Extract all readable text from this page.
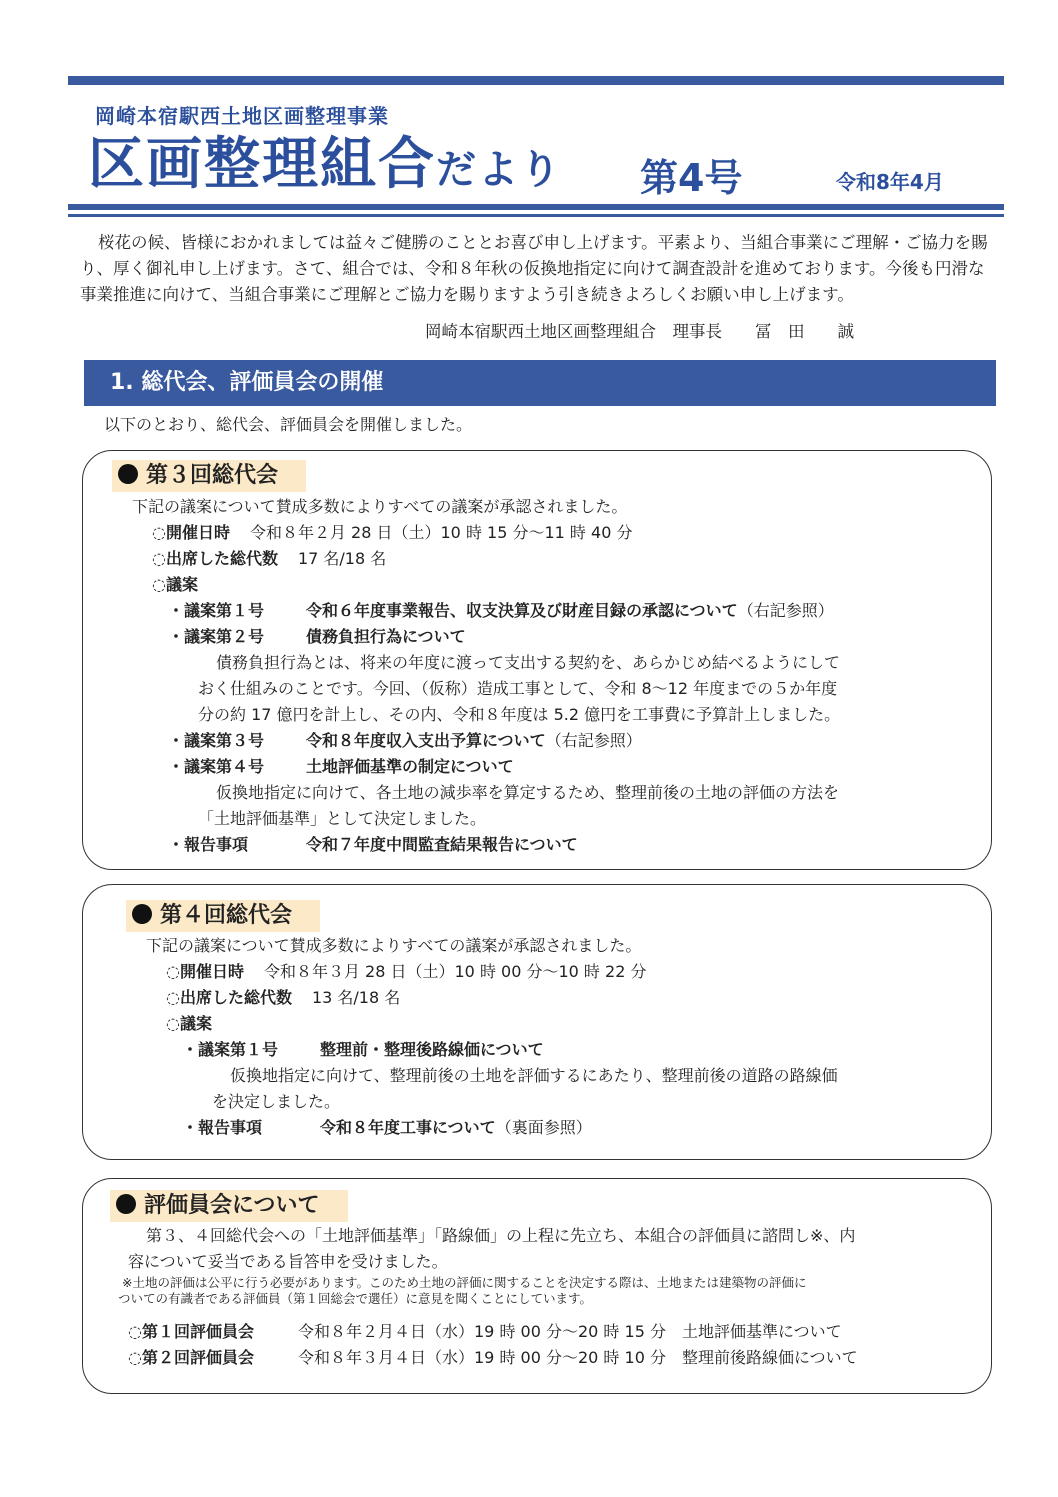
岡崎本宿駅西土地区画整理事業
区画整理組合だより 第4号	令和8年4月
桜花の候、皆様におかれましては益々ご健勝のこととお喜び申し上げます。平素より、当組合事業にご理解・ご協力を賜り、厚く御礼申し上げます。さて、組合では、令和８年秋の仮換地指定に向けて調査設計を進めております。今後も円滑な事業推進に向けて、当組合事業にご理解とご協力を賜りますよう引き続きよろしくお願い申し上げます。
岡崎本宿駅西土地区画整理組合　理事長　　冨　田　　誠
1. 総代会、評価員会の開催
以下のとおり、総代会、評価員会を開催しました。
第３回総代会
下記の議案について賛成多数によりすべての議案が承認されました。
◌開催日時 令和８年２月 28 日（土）10 時 15 分～11 時 40 分
◌出席した総代数 17 名/18 名
◌議案
・議案第１号	令和６年度事業報告、収支決算及び財産目録の承認について（右記参照）
・議案第２号	債務負担行為について
債務負担行為とは、将来の年度に渡って支出する契約を、あらかじめ結べるようにして
おく仕組みのことです。今回、（仮称）造成工事として、令和 8～12 年度までの５か年度
分の約 17 億円を計上し、その内、令和８年度は 5.2 億円を工事費に予算計上しました。
・議案第３号	令和８年度収入支出予算について（右記参照）
・議案第４号	土地評価基準の制定について
仮換地指定に向けて、各土地の減歩率を算定するため、整理前後の土地の評価の方法を
「土地評価基準」として決定しました。
・報告事項	令和７年度中間監査結果報告について
第４回総代会
下記の議案について賛成多数によりすべての議案が承認されました。
◌開催日時 令和８年３月 28 日（土）10 時 00 分～10 時 22 分
◌出席した総代数 13 名/18 名
◌議案
・議案第１号	整理前・整理後路線価について
仮換地指定に向けて、整理前後の土地を評価するにあたり、整理前後の道路の路線価
を決定しました。
・報告事項	令和８年度工事について（裏面参照）
評価員会について
第３、４回総代会への「土地評価基準」「路線価」の上程に先立ち、本組合の評価員に諮問し※、内
容について妥当である旨答申を受けました。
※土地の評価は公平に行う必要があります。このため土地の評価に関することを決定する際は、土地または建築物の評価に
ついての有識者である評価員（第１回総会で選任）に意見を聞くことにしています。
◌第１回評価員会	令和８年２月４日（水）19 時 00 分～20 時 15 分　土地評価基準について
◌第２回評価員会	令和８年３月４日（水）19 時 00 分～20 時 10 分　整理前後路線価について
